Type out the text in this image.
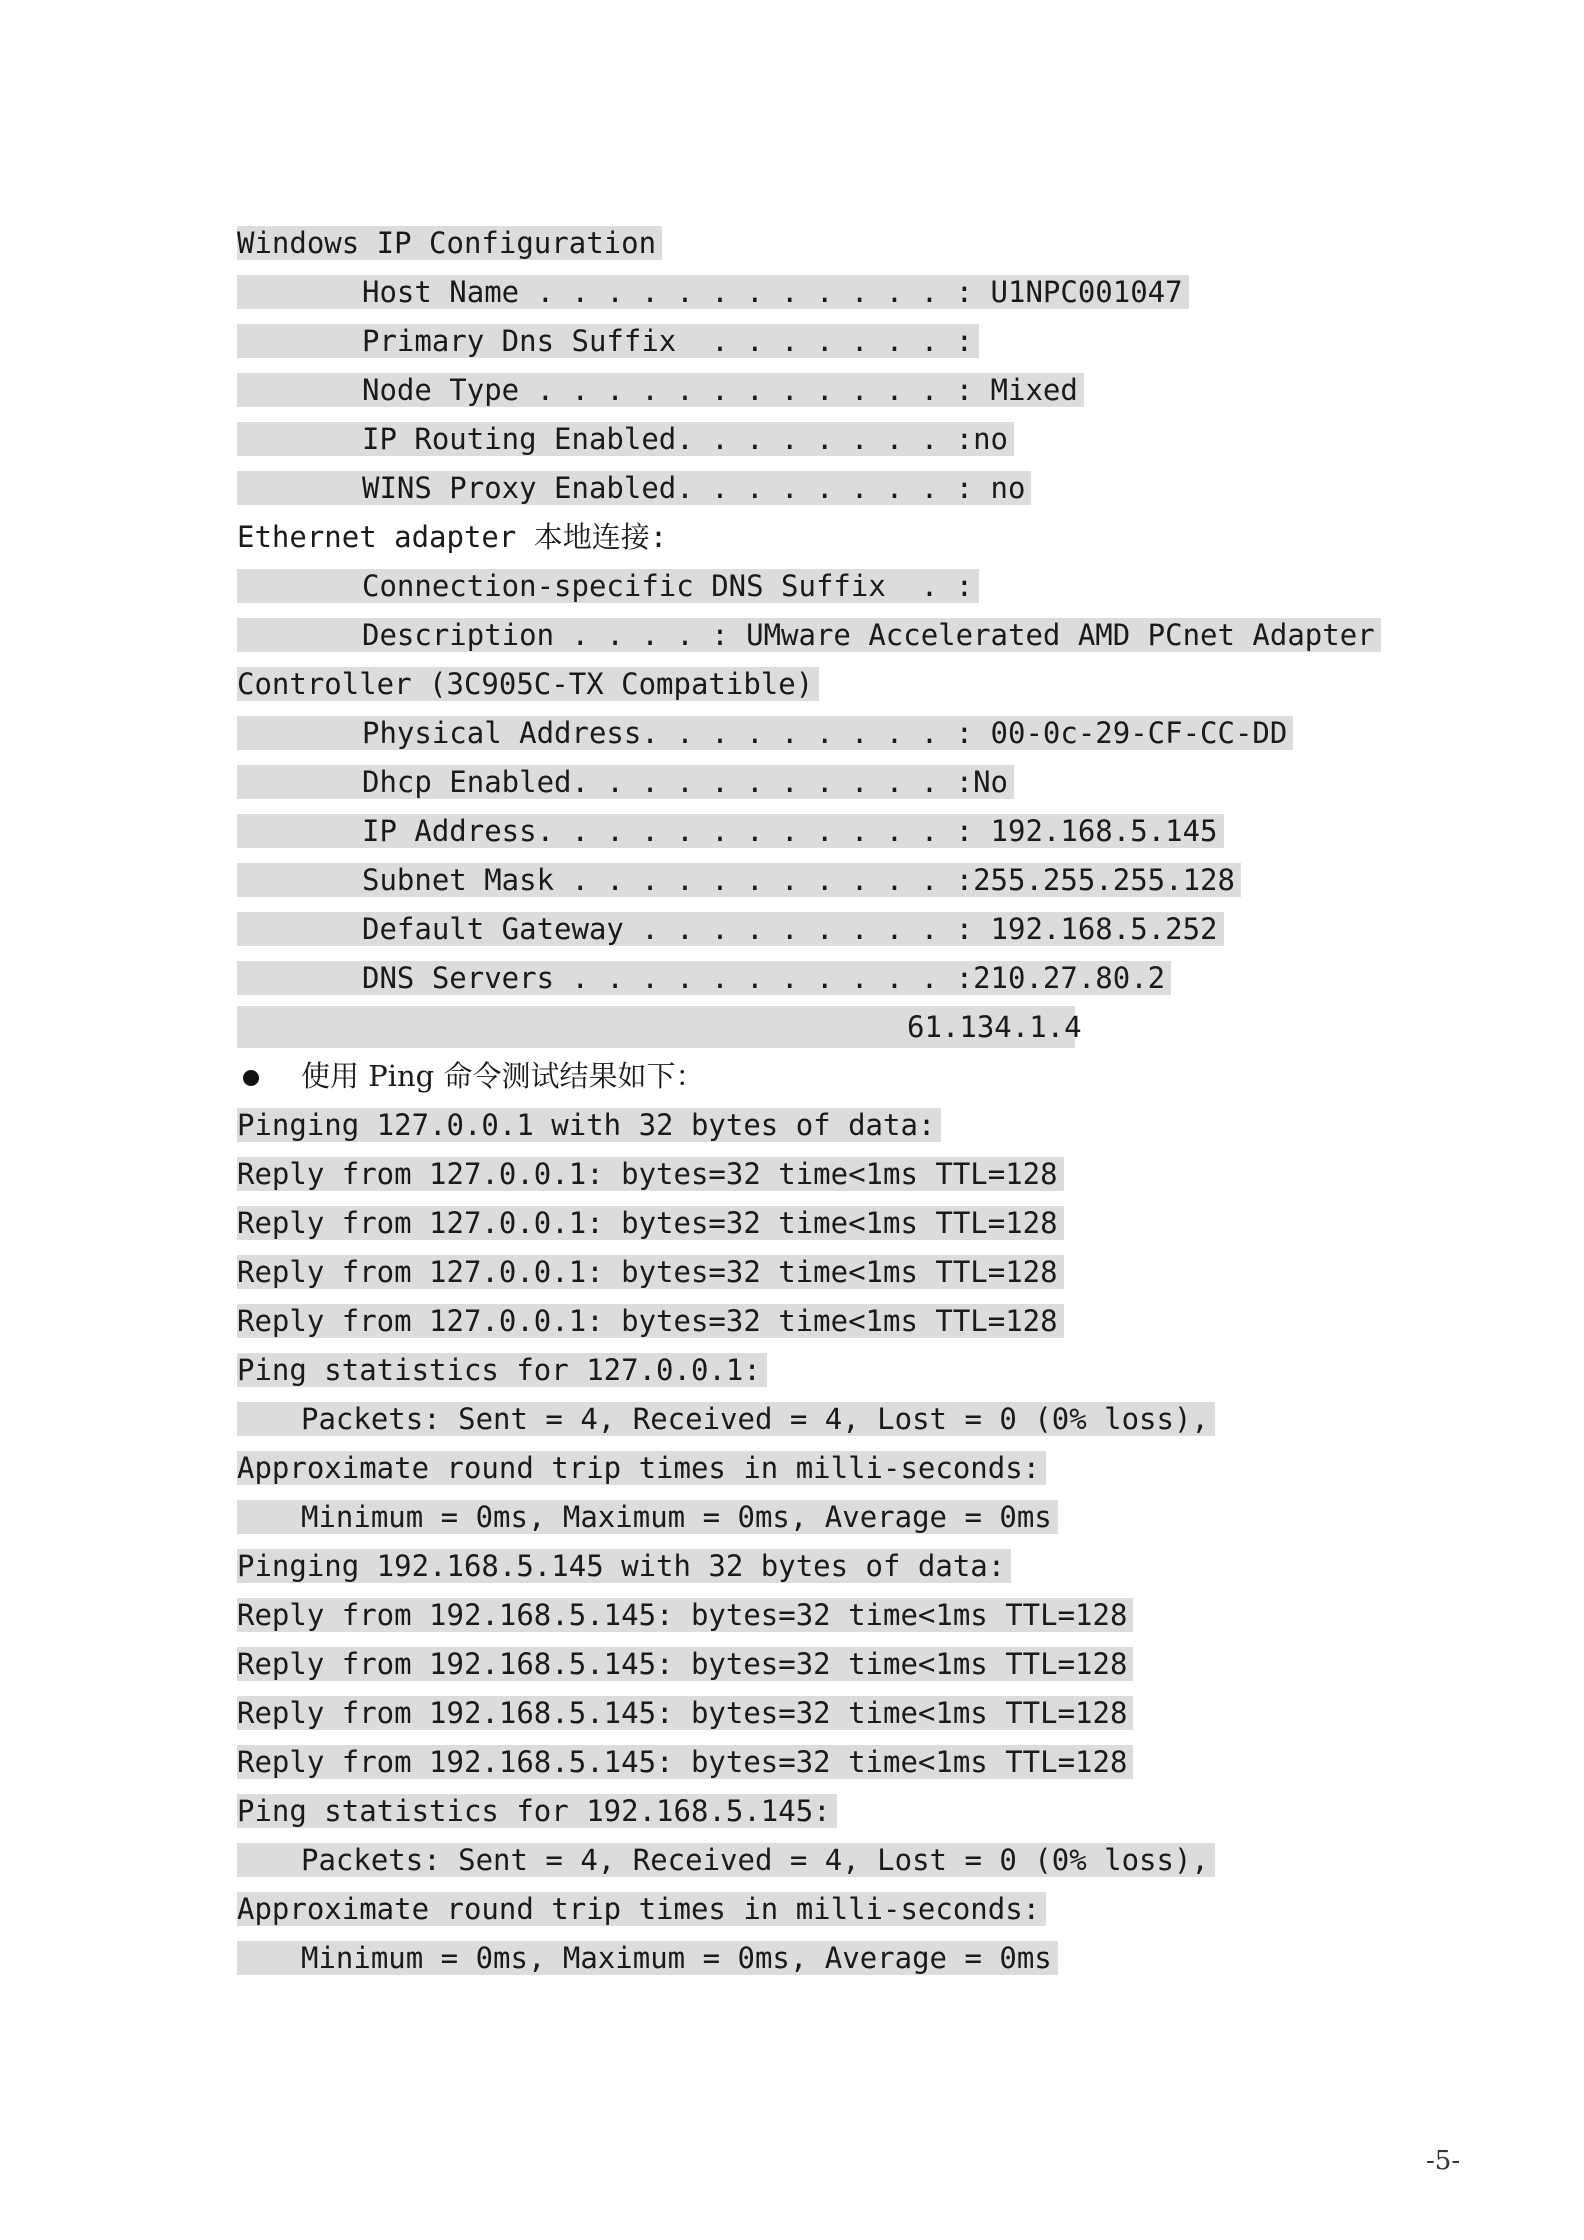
Windows IP Configuration
Host Name . . . . . . . . . . . . : U1NPC001047
Primary Dns Suffix  . . . . . . . :
Node Type . . . . . . . . . . . . : Mixed
IP Routing Enabled. . . . . . . . :no
WINS Proxy Enabled. . . . . . . . : no
Ethernet adapter 本地连接:
Connection-specific DNS Suffix  . :
Description . . . . : UMware Accelerated AMD PCnet Adapter
Controller (3C905C-TX Compatible)
Physical Address. . . . . . . . . : 00-0c-29-CF-CC-DD
Dhcp Enabled. . . . . . . . . . . :No
IP Address. . . . . . . . . . . . : 192.168.5.145
Subnet Mask . . . . . . . . . . . :255.255.255.128
Default Gateway . . . . . . . . . : 192.168.5.252
DNS Servers . . . . . . . . . . . :210.27.80.2
61.134.1.4
使用 Ping 命令测试结果如下：
Pinging 127.0.0.1 with 32 bytes of data:
Reply from 127.0.0.1: bytes=32 time<1ms TTL=128
Reply from 127.0.0.1: bytes=32 time<1ms TTL=128
Reply from 127.0.0.1: bytes=32 time<1ms TTL=128
Reply from 127.0.0.1: bytes=32 time<1ms TTL=128
Ping statistics for 127.0.0.1:
Packets: Sent = 4, Received = 4, Lost = 0 (0% loss),
Approximate round trip times in milli-seconds:
Minimum = 0ms, Maximum = 0ms, Average = 0ms
Pinging 192.168.5.145 with 32 bytes of data:
Reply from 192.168.5.145: bytes=32 time<1ms TTL=128
Reply from 192.168.5.145: bytes=32 time<1ms TTL=128
Reply from 192.168.5.145: bytes=32 time<1ms TTL=128
Reply from 192.168.5.145: bytes=32 time<1ms TTL=128
Ping statistics for 192.168.5.145:
Packets: Sent = 4, Received = 4, Lost = 0 (0% loss),
Approximate round trip times in milli-seconds:
Minimum = 0ms, Maximum = 0ms, Average = 0ms
-5-
